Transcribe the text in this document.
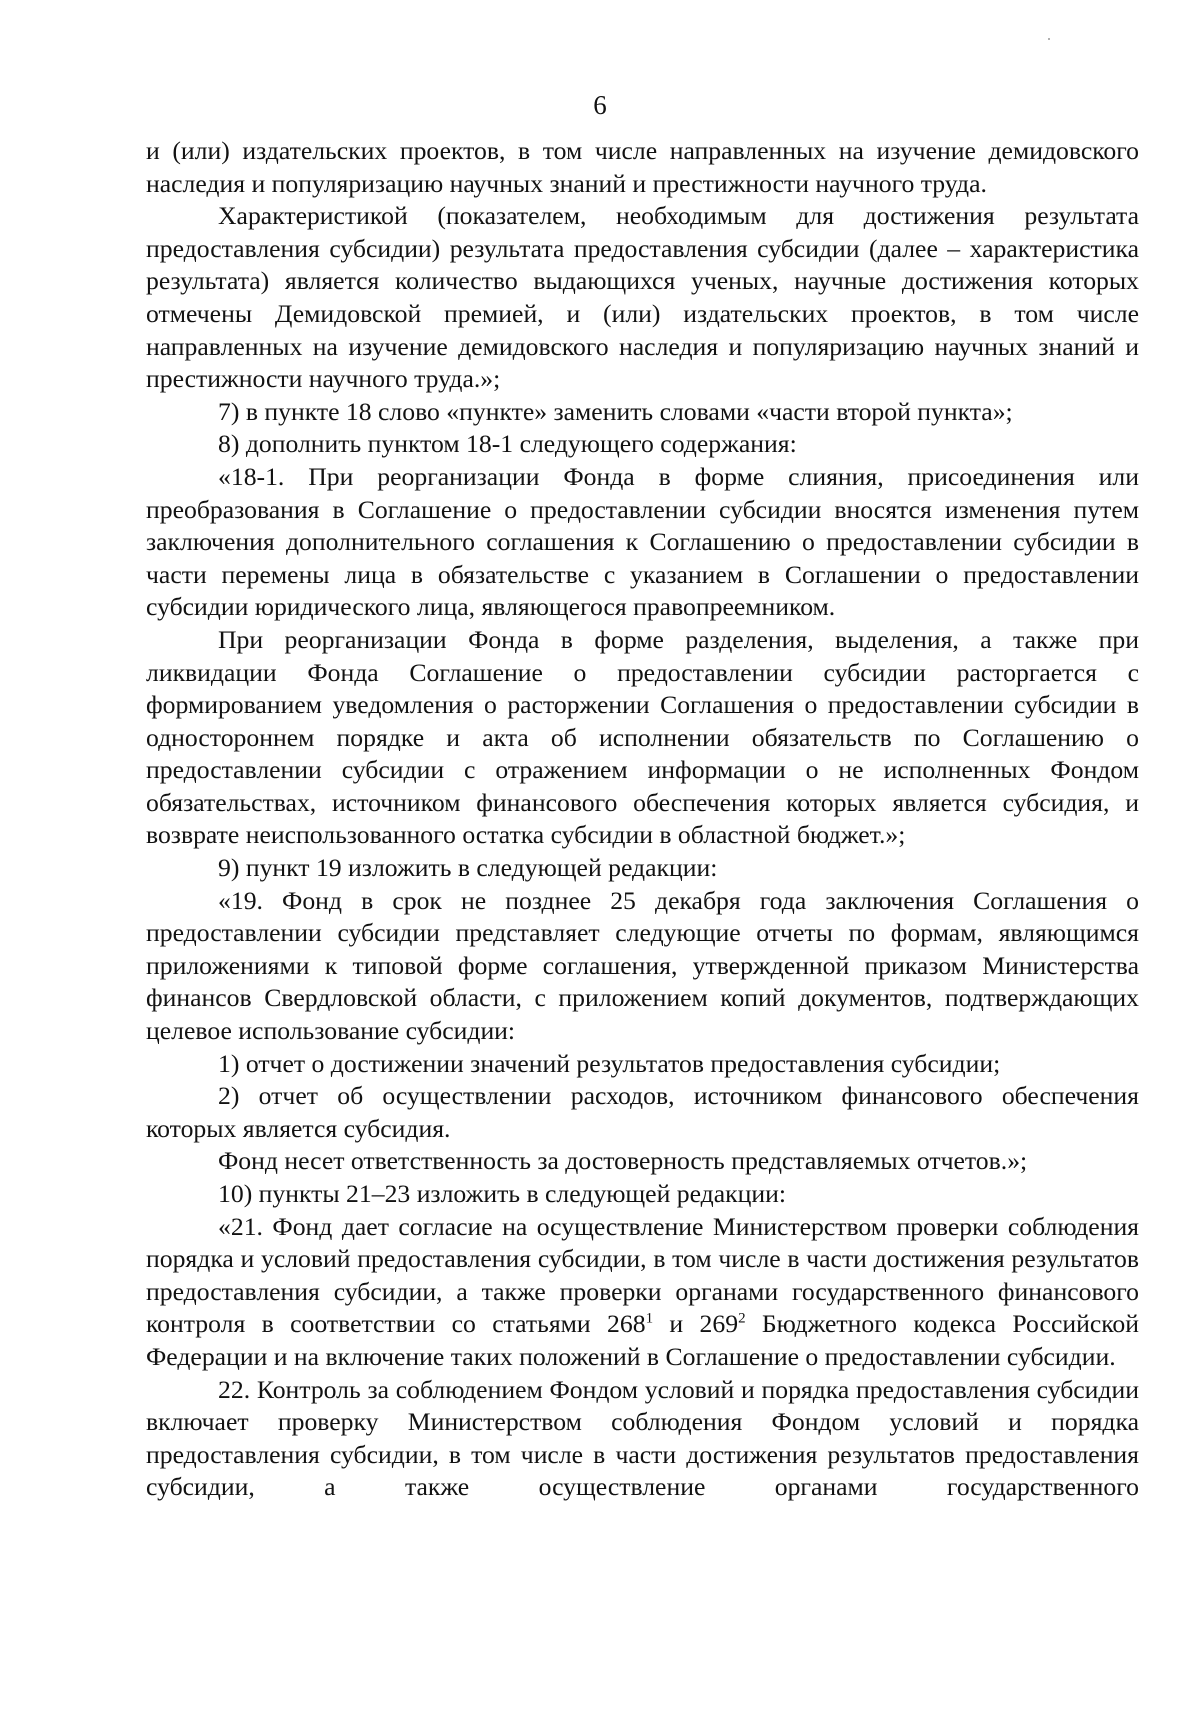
6

и (или) издательских проектов, в том числе направленных на изучение демидовского наследия и популяризацию научных знаний и престижности научного труда.

Характеристикой (показателем, необходимым для достижения результата предоставления субсидии) результата предоставления субсидии (далее – характеристика результата) является количество выдающихся ученых, научные достижения которых отмечены Демидовской премией, и (или) издательских проектов, в том числе направленных на изучение демидовского наследия и популяризацию научных знаний и престижности научного труда.»;

7) в пункте 18 слово «пункте» заменить словами «части второй пункта»;

8) дополнить пунктом 18-1 следующего содержания:

«18-1. При реорганизации Фонда в форме слияния, присоединения или преобразования в Соглашение о предоставлении субсидии вносятся изменения путем заключения дополнительного соглашения к Соглашению о предоставлении субсидии в части перемены лица в обязательстве с указанием в Соглашении о предоставлении субсидии юридического лица, являющегося правопреемником.

При реорганизации Фонда в форме разделения, выделения, а также при ликвидации Фонда Соглашение о предоставлении субсидии расторгается с формированием уведомления о расторжении Соглашения о предоставлении субсидии в одностороннем порядке и акта об исполнении обязательств по Соглашению о предоставлении субсидии с отражением информации о не исполненных Фондом обязательствах, источником финансового обеспечения которых является субсидия, и возврате неиспользованного остатка субсидии в областной бюджет.»;

9) пункт 19 изложить в следующей редакции:

«19. Фонд в срок не позднее 25 декабря года заключения Соглашения о предоставлении субсидии представляет следующие отчеты по формам, являющимся приложениями к типовой форме соглашения, утвержденной приказом Министерства финансов Свердловской области, с приложением копий документов, подтверждающих целевое использование субсидии:

1) отчет о достижении значений результатов предоставления субсидии;

2) отчет об осуществлении расходов, источником финансового обеспечения которых является субсидия.

Фонд несет ответственность за достоверность представляемых отчетов.»;

10) пункты 21–23 изложить в следующей редакции:

«21. Фонд дает согласие на осуществление Министерством проверки соблюдения порядка и условий предоставления субсидии, в том числе в части достижения результатов предоставления субсидии, а также проверки органами государственного финансового контроля в соответствии со статьями $268^1$ и $269^2$ Бюджетного кодекса Российской Федерации и на включение таких положений в Соглашение о предоставлении субсидии.

22. Контроль за соблюдением Фондом условий и порядка предоставления субсидии включает проверку Министерством соблюдения Фондом условий и порядка предоставления субсидии, в том числе в части достижения результатов предоставления субсидии, а также осуществление органами государственного
